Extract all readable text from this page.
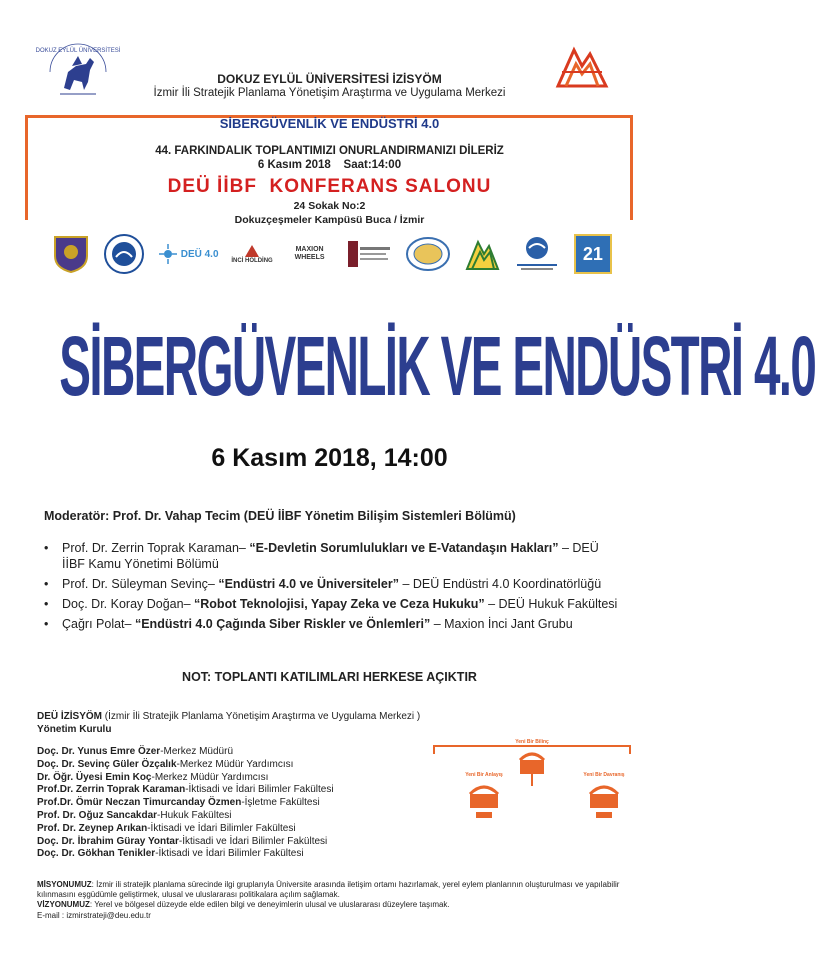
DOKUZ EYLÜL ÜNİVERSİTESİ
DOKUZ EYLÜL ÜNİVERSİTESİ İZİSYÖM
İzmir İli Stratejik Planlama Yönetişim Araştırma ve Uygulama Merkezi
SİBERGÜVENLİK VE ENDÜSTRİ 4.0
44. FARKINDALIK TOPLANTIMIZI ONURLANDIRMANIZI DİLERİZ
6 Kasım 2018    Saat:14:00
DEÜ İİBF  KONFERANS SALONU
24 Sokak No:2
Dokuzçeşmeler Kampüsü Buca / İzmir
DEÜ 4.0
İNCİ HOLDİNG
MAXION WHEELS	21
SİBERGÜVENLİK VE ENDÜSTRİ 4.0
6 Kasım 2018, 14:00
Moderatör: Prof. Dr. Vahap Tecim (DEÜ İİBF Yönetim Bilişim Sistemleri Bölümü)
• Prof. Dr. Zerrin Toprak Karaman– “E-Devletin Sorumlulukları ve E-Vatandaşın Hakları” – DEÜ İİBF Kamu Yönetimi Bölümü
• Prof. Dr. Süleyman Sevinç– “Endüstri 4.0 ve Üniversiteler” – DEÜ Endüstri 4.0 Koordinatörlüğü
• Doç. Dr. Koray Doğan– “Robot Teknolojisi, Yapay Zeka ve Ceza Hukuku” – DEÜ Hukuk Fakültesi
• Çağrı Polat– “Endüstri 4.0 Çağında Siber Riskler ve Önlemleri” – Maxion İnci Jant Grubu
NOT: TOPLANTI KATILIMLARI HERKESE AÇIKTIR
DEÜ İZİSYÖM (İzmir İli Stratejik Planlama Yönetişim Araştırma ve Uygulama Merkezi )
Yönetim Kurulu
Doç. Dr. Yunus Emre Özer-Merkez Müdürü
Doç. Dr. Sevinç Güler Özçalık-Merkez Müdür Yardımcısı
Dr. Öğr. Üyesi Emin Koç-Merkez Müdür Yardımcısı
Prof.Dr. Zerrin Toprak Karaman-İktisadi ve İdari Bilimler Fakültesi
Prof.Dr. Ömür Neczan Timurcanday Özmen-İşletme Fakültesi
Prof. Dr. Oğuz Sancakdar-Hukuk Fakültesi
Prof. Dr. Zeynep Arıkan-İktisadi ve İdari Bilimler Fakültesi
Doç. Dr. İbrahim Güray Yontar-İktisadi ve İdari Bilimler Fakültesi
Doç. Dr. Gökhan Tenikler-İktisadi ve İdari Bilimler Fakültesi
Yeni Bir Bilinç
Yeni Bir Anlayış	Yeni Bir Davranış
MİSYONUMUZ: İzmir ili stratejik planlama sürecinde ilgi gruplarıyla Üniversite arasında iletişim ortamı hazırlamak, yerel eylem planlarının oluşturulması ve yapılabilir kılınmasını eşgüdümle geliştirmek, ulusal ve uluslararası politikalara açılım sağlamak.
VİZYONUMUZ: Yerel ve bölgesel düzeyde elde edilen bilgi ve deneyimlerin ulusal ve uluslararası düzeylere taşımak.
E-mail : izmirstrateji@deu.edu.tr
